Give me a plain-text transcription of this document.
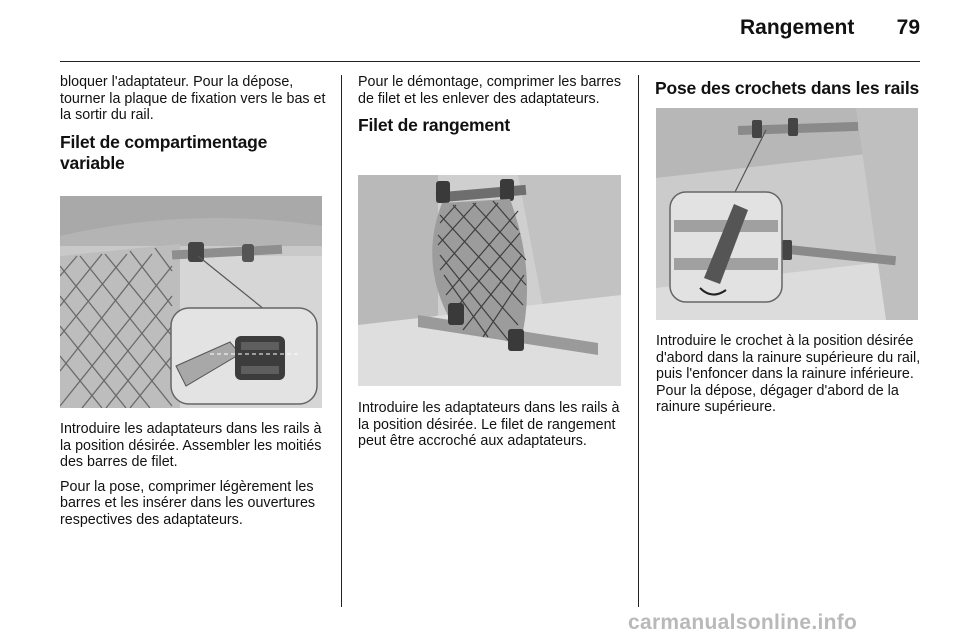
Rangement	79

bloquer l'adaptateur. Pour la dépose, tourner la plaque de fixation vers le bas et la sortir du rail.

Filet de compartimentage variable

Introduire les adaptateurs dans les rails à la position désirée. Assembler les moitiés des barres de filet.

Pour la pose, comprimer légèrement les barres et les insérer dans les ouvertures respectives des adaptateurs.

Pour le démontage, comprimer les barres de filet et les enlever des adaptateurs.

Filet de rangement

Introduire les adaptateurs dans les rails à la position désirée. Le filet de rangement peut être accroché aux adaptateurs.

Pose des crochets dans les rails

Introduire le crochet à la position désirée d'abord dans la rainure supérieure du rail, puis l'enfoncer dans la rainure inférieure. Pour la dépose, dégager d'abord de la rainure supérieure.

carmanualsonline.info
